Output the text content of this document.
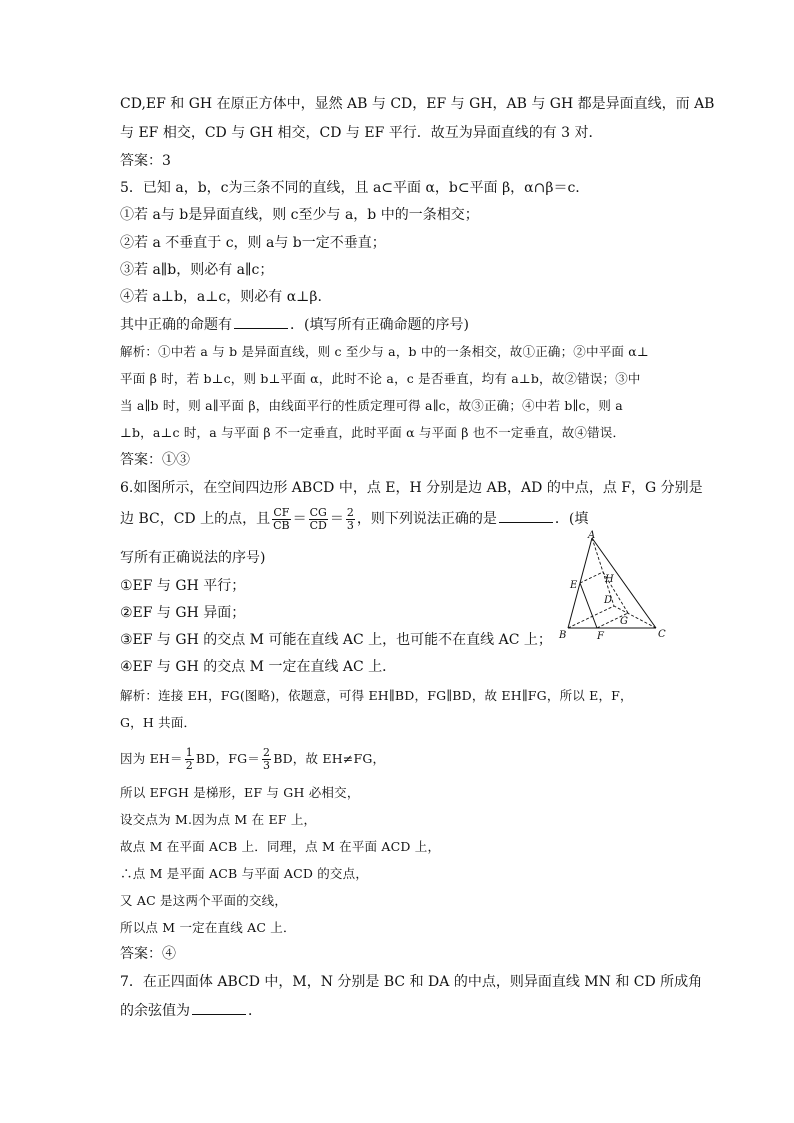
CD,EF 和 GH 在原正方体中，显然 AB 与 CD，EF 与 GH，AB 与 GH 都是异面直线，而 AB
与 EF 相交，CD 与 GH 相交，CD 与 EF 平行．故互为异面直线的有 3 对．
答案：3
5．已知 a，b，c为三条不同的直线，且 a⊂平面 α，b⊂平面 β，α∩β＝c.
①若 a与 b是异面直线，则 c至少与 a，b 中的一条相交；
②若 a 不垂直于 c，则 a与 b一定不垂直；
③若 a∥b，则必有 a∥c；
④若 a⊥b，a⊥c，则必有 α⊥β.
其中正确的命题有	．(填写所有正确命题的序号)
解析：①中若 a 与 b 是异面直线，则 c 至少与 a，b 中的一条相交，故①正确；②中平面 α⊥
平面 β 时，若 b⊥c，则 b⊥平面 α，此时不论 a，c 是否垂直，均有 a⊥b，故②错误；③中
当 a∥b 时，则 a∥平面 β，由线面平行的性质定理可得 a∥c，故③正确；④中若 b∥c，则 a
⊥b，a⊥c 时，a 与平面 β 不一定垂直，此时平面 α 与平面 β 也不一定垂直，故④错误．
答案：①③
6.如图所示，在空间四边形 ABCD 中，点 E，H 分别是边 AB，AD 的中点，点 F，G 分别是
边 BC，CD 上的点，且 $\frac{CF}{CB} = \frac{CG}{CD} = \frac{2}{3}$ ，则下列说法正确的是	．(填
写所有正确说法的序号)
①EF 与 GH 平行；
②EF 与 GH 异面；
③EF 与 GH 的交点 M 可能在直线 AC 上，也可能不在直线 AC 上；
④EF 与 GH 的交点 M 一定在直线 AC 上．
A
B	C
D
E
F
G
H
解析：连接 EH，FG(图略)，依题意，可得 EH∥BD，FG∥BD，故 EH∥FG，所以 E，F，
G，H 共面．
因为 $EH= \frac{1}{2}$ BD，$FG= \frac{2}{3}$ BD，故 EH≠FG，
所以 EFGH 是梯形，EF 与 GH 必相交，
设交点为 M.因为点 M 在 EF 上，
故点 M 在平面 ACB 上．同理，点 M 在平面 ACD 上，
∴点 M 是平面 ACB 与平面 ACD 的交点，
又 AC 是这两个平面的交线，
所以点 M 一定在直线 AC 上．
答案：④
7．在正四面体 ABCD 中，M，N 分别是 BC 和 DA 的中点，则异面直线 MN 和 CD 所成角
的余弦值为	．
